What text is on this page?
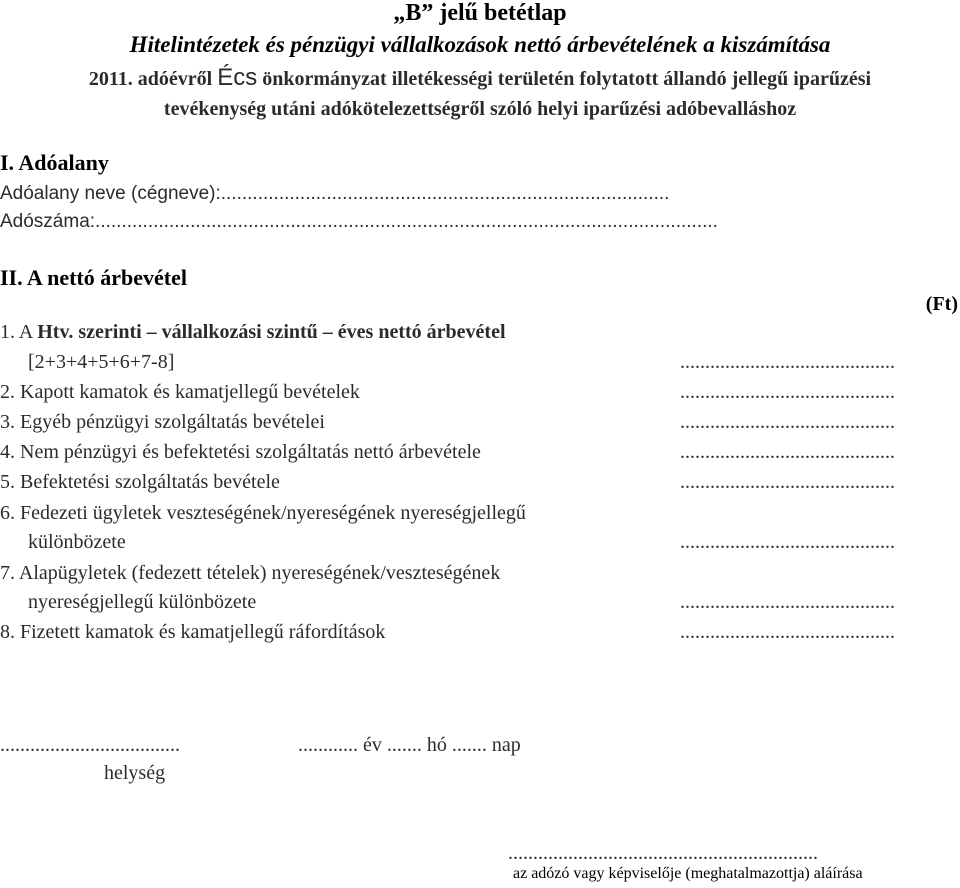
„B” jelű betétlap
Hitelintézetek és pénzügyi vállalkozások nettó árbevételének a kiszámítása
2011. adóévről Écs önkormányzat illetékességi területén folytatott állandó jellegű iparűzési
tevékenység utáni adókötelezettségről szóló helyi iparűzési adóbevalláshoz
I. Adóalany
Adóalany neve (cégneve):.....................................................................................
Adószáma:......................................................................................................................
II. A nettó árbevétel
(Ft)
1. A Htv. szerinti – vállalkozási szintű – éves nettó árbevétel
[2+3+4+5+6+7-8]	...........................................
2. Kapott kamatok és kamatjellegű bevételek	...........................................
3. Egyéb pénzügyi szolgáltatás bevételei	...........................................
4. Nem pénzügyi és befektetési szolgáltatás nettó árbevétele	...........................................
5. Befektetési szolgáltatás bevétele	...........................................
6. Fedezeti ügyletek veszteségének/nyereségének nyereségjellegű
különbözete	...........................................
7. Alapügyletek (fedezett tételek) nyereségének/veszteségének
nyereségjellegű különbözete	...........................................
8. Fizetett kamatok és kamatjellegű ráfordítások	...........................................
....................................
helység
............ év ....... hó ....... nap
..............................................................
az adózó vagy képviselője (meghatalmazottja) aláírása
